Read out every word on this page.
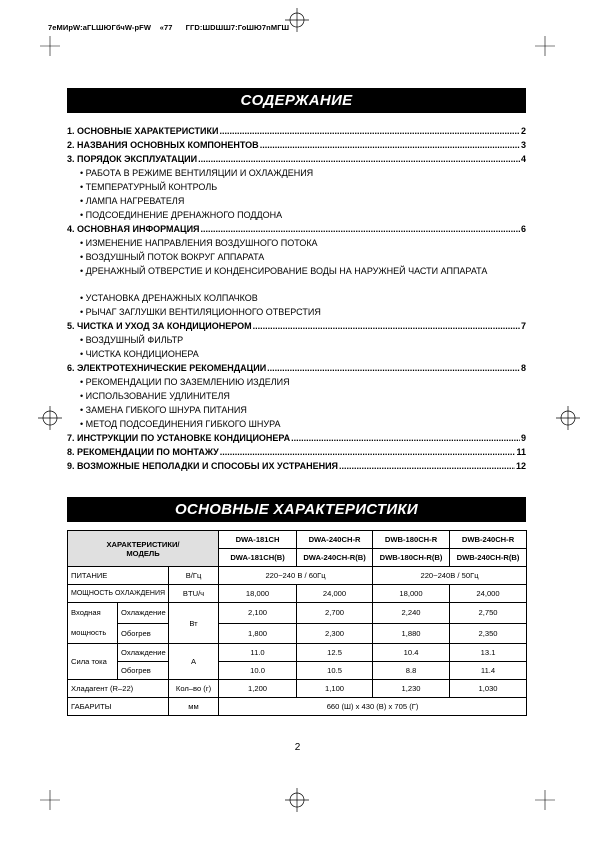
7eМИрW:аГLШЮГбчW-pFW    «77      ГГD:ШDШШ7:ГоШЮ7nМГШ
СОДЕРЖАНИЕ
1. ОСНОВНЫЕ ХАРАКТЕРИСТИКИ .....	2
2. НАЗВАНИЯ ОСНОВНЫХ КОМПОНЕНТОВ .....	3
3. ПОРЯДОК ЭКСПЛУАТАЦИИ .....	4
• РАБОТА В РЕЖИМЕ ВЕНТИЛЯЦИИ И ОХЛАЖДЕНИЯ
• ТЕМПЕРАТУРНЫЙ КОНТРОЛЬ
• ЛАМПА НАГРЕВАТЕЛЯ
• ПОДСОЕДИНЕНИЕ ДРЕНАЖНОГО ПОДДОНА
4. ОСНОВНАЯ ИНФОРМАЦИЯ .....	6
• ИЗМЕНЕНИЕ НАПРАВЛЕНИЯ ВОЗДУШНОГО ПОТОКА
• ВОЗДУШНЫЙ ПОТОК ВОКРУГ АППАРАТА
• ДРЕНАЖНЫЙ ОТВЕРСТИЕ И КОНДЕНСИРОВАНИЕ ВОДЫ НА НАРУЖНЕЙ ЧАСТИ АППАРАТА
• УСТАНОВКА ДРЕНАЖНЫХ КОЛПАЧКОВ
• РЫЧАГ ЗАГЛУШКИ ВЕНТИЛЯЦИОННОГО ОТВЕРСТИЯ
5. ЧИСТКА И УХОД ЗА КОНДИЦИОНЕРОМ .....	7
• ВОЗДУШНЫЙ ФИЛЬТР
• ЧИСТКА КОНДИЦИОНЕРА
6. ЭЛЕКТРОТЕХНИЧЕСКИЕ РЕКОМЕНДАЦИИ .....	8
• РЕКОМЕНДАЦИИ ПО ЗАЗЕМЛЕНИЮ ИЗДЕЛИЯ
• ИСПОЛЬЗОВАНИЕ УДЛИНИТЕЛЯ
• ЗАМЕНА ГИБКОГО ШНУРА ПИТАНИЯ
• МЕТОД ПОДСОЕДИНЕНИЯ ГИБКОГО ШНУРА
7. ИНСТРУКЦИИ ПО УСТАНОВКЕ КОНДИЦИОНЕРА .....	9
8. РЕКОМЕНДАЦИИ ПО МОНТАЖУ .....	11
9. ВОЗМОЖНЫЕ НЕПОЛАДКИ И СПОСОБЫ ИХ УСТРАНЕНИЯ .....	12
ОСНОВНЫЕ ХАРАКТЕРИСТИКИ
ХАРАКТЕРИСТИКИ/
МОДЕЛЬ			DWA-181CH	DWA-240CH-R	DWB-180CH-R	DWB-240CH-R
			DWA-181CH(B)	DWA-240CH-R(B)	DWB-180CH-R(B)	DWB-240CH-R(B)
ПИТАНИЕ		В/Гц	220~240 В / 60Гц		220~240В / 50Гц	
МОЩНОСТЬ ОХЛАЖДЕНИЯ		BTU/ч	18,000	24,000	18,000	24,000
Входная
мощность	Охлаждение	Вт	2,100	2,700	2,240	2,750
	Обогрев		1,800	2,300	1,880	2,350
Сила тока	Охлаждение	A	11.0	12.5	10.4	13.1
	Обогрев		10.0	10.5	8.8	11.4
Хладагент (R–22)		Кол–во (г)	1,200	1,100	1,230	1,030
ГАБАРИТЫ		мм	660 (Ш) x 430 (В) x 705 (Г)			
2
